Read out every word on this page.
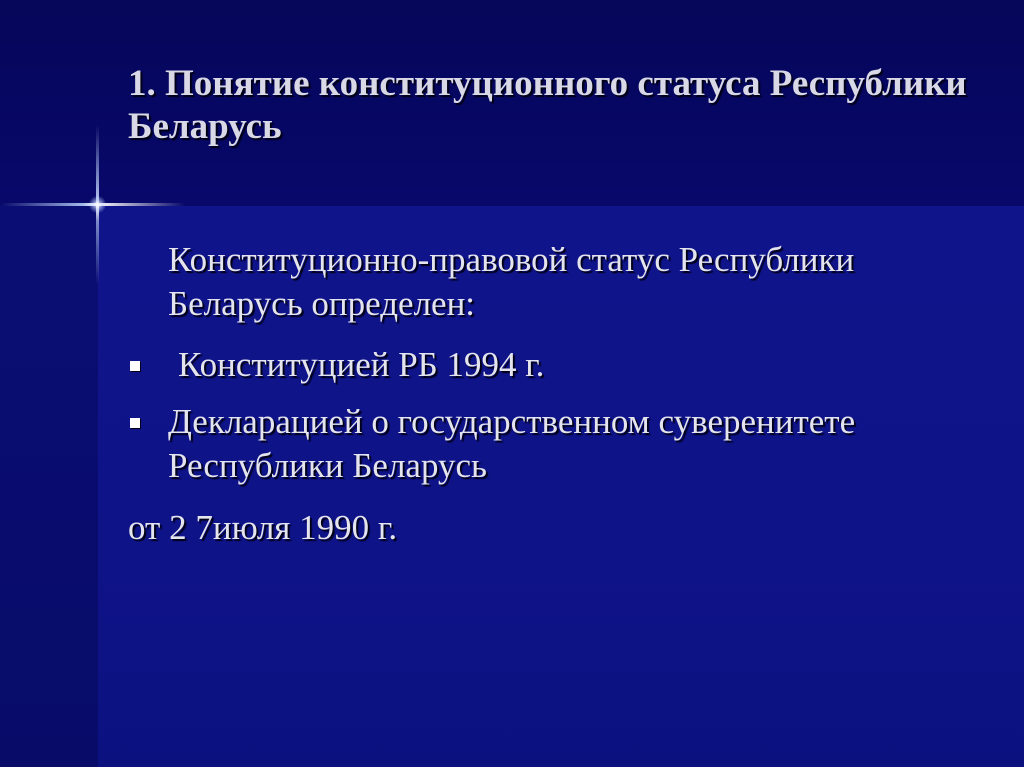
1. Понятие конституционного статуса Республики Беларусь

Конституционно-правовой статус Республики Беларусь определен:

Конституцией РБ 1994 г.
Декларацией о государственном суверенитете Республики Беларусь

от 2 7июля 1990 г.
